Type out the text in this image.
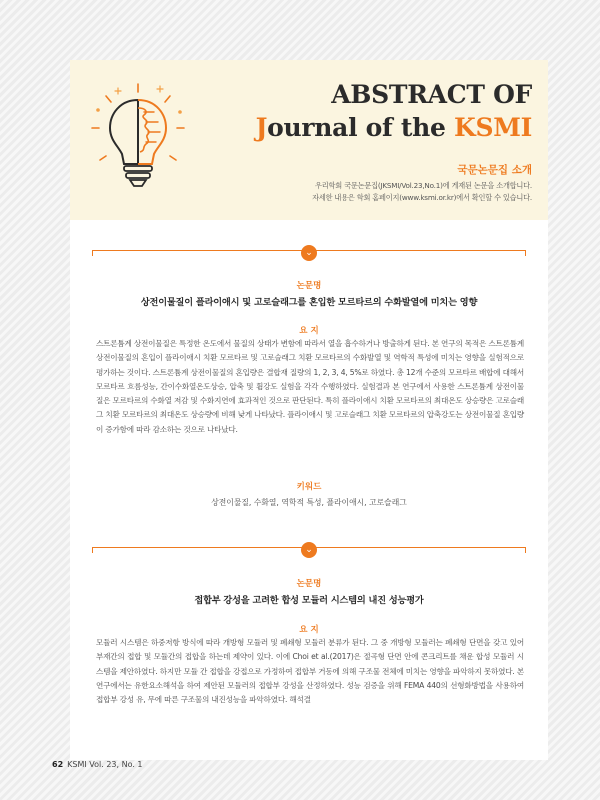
ABSTRACT OF
Journal of the KSMI
국문논문집 소개
우리학회 국문논문집(JKSMI/Vol.23,No.1)에 게재된 논문을 소개합니다.
자세한 내용은 학회 홈페이지(www.ksmi.or.kr)에서 확인할 수 있습니다.
⌄
논문명
상전이물질이 플라이애시 및 고로슬래그를 혼입한 모르타르의 수화발열에 미치는 영향
요 지
스트론튬계 상전이물질은 특정한 온도에서 물질의 상태가 변함에 따라서 열을 흡수하거나 방출하게 된다. 본 연구의 목적은 스트론튬계 상전이물질의 혼입이 플라이애시 치환 모르타르 및 고로슬래그 치환 모르타르의 수화발열 및 역학적 특성에 미치는 영향을 실험적으로 평가하는 것이다. 스트론튬계 상전이물질의 혼입량은 결합재 질량의 1, 2, 3, 4, 5%로 하였다. 총 12개 수준의 모르타르 배합에 대해서 모르타르 흐름성능, 간이수화열온도상승, 압축 및 휨강도 실험을 각각 수행하였다. 실험결과 본 연구에서 사용한 스트론튬계 상전이물질은 모르타르의 수화열 저감 및 수화지연에 효과적인 것으로 판단된다. 특히 플라이애시 치환 모르타르의 최대온도 상승량은 고로슬래그 치환 모르타르의 최대온도 상승량에 비해 낮게 나타났다. 플라이애시 및 고로슬래그 치환 모르타르의 압축강도는 상전이물질 혼입량이 증가함에 따라 감소하는 것으로 나타났다.
키워드
상전이물질, 수화열, 역학적 특성, 플라이애시, 고로슬래그
⌄
논문명
접합부 강성을 고려한 합성 모듈러 시스템의 내진 성능평가
요 지
모듈러 시스템은 하중저항 방식에 따라 개방형 모듈러 및 폐쇄형 모듈러 분류가 된다. 그 중 개방형 모듈러는 폐쇄형 단면을 갖고 있어 부재간의 접합 및 모듈간의 접합을 하는데 제약이 있다. 이에 Choi et al.(2017)은 절곡형 단면 안에 콘크리트를 채운 합성 모듈러 시스템을 제안하였다. 하지만 모듈 간 접합을 강접으로 가정하여 접합부 거동에 의해 구조물 전체에 미치는 영향을 파악하지 못하였다. 본 연구에서는 유한요소해석을 하여 제안된 모듈러의 접합부 강성을 산정하였다. 성능 검증을 위해 FEMA 440의 선형화방법을 사용하여 접합부 강성 유, 무에 따른 구조물의 내진성능을 파악하였다. 해석결
62 KSMI Vol. 23, No. 1
